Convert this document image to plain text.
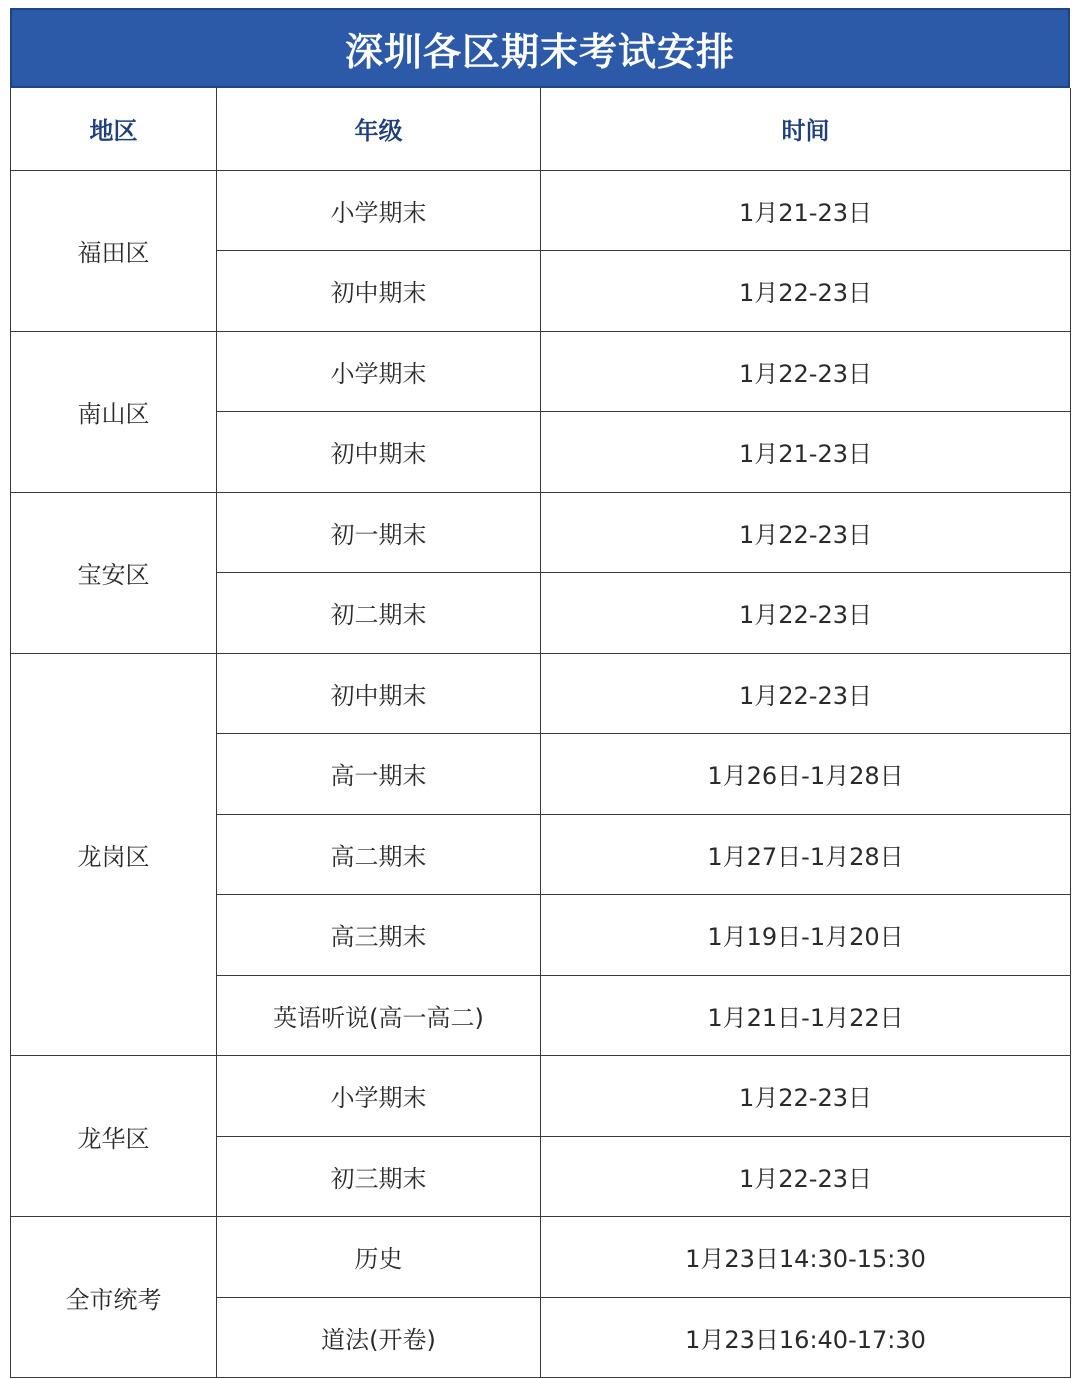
深圳各区期末考试安排
地区	年级	时间
福田区	小学期末	1月21-23日
	初中期末	1月22-23日
南山区	小学期末	1月22-23日
	初中期末	1月21-23日
宝安区	初一期末	1月22-23日
	初二期末	1月22-23日
龙岗区	初中期末	1月22-23日
	高一期末	1月26日-1月28日
	高二期末	1月27日-1月28日
	高三期末	1月19日-1月20日
	英语听说(高一高二)	1月21日-1月22日
龙华区	小学期末	1月22-23日
	初三期末	1月22-23日
全市统考	历史	1月23日14:30-15:30
	道法(开卷)	1月23日16:40-17:30
